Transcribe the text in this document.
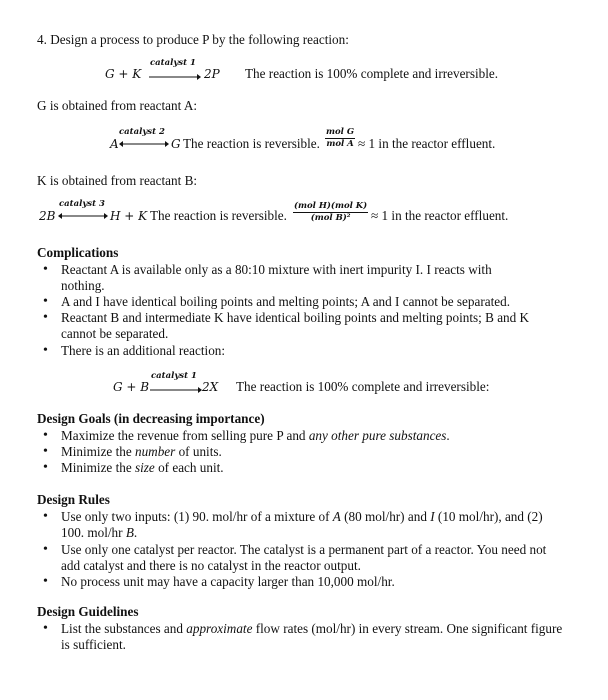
4. Design a process to produce P by the following reaction:
G + K
catalyst 1
2P The reaction is 100% complete and irreversible.
G is obtained from reactant A:
A
catalyst 2
G The reaction is reversible.
mol G
mol A ≈ 1 in the reactor effluent.
K is obtained from reactant B:
2B
catalyst 3
H + K The reaction is reversible.
(mol H)(mol K)
(mol B)²	≈ 1 in the reactor effluent.
Complications
• Reactant A is available only as a 80:10 mixture with inert impurity I. I reacts with nothing.
• A and I have identical boiling points and melting points; A and I cannot be separated.
• Reactant B and intermediate K have identical boiling points and melting points; B and K cannot be separated.
• There is an additional reaction:
G + B
catalyst 1
2X The reaction is 100% complete and irreversible:
Design Goals (in decreasing importance)
• Maximize the revenue from selling pure P and any other pure substances.
• Minimize the number of units.
• Minimize the size of each unit.
Design Rules
• Use only two inputs: (1) 90. mol/hr of a mixture of A (80 mol/hr) and I (10 mol/hr), and (2) 100. mol/hr B.
• Use only one catalyst per reactor. The catalyst is a permanent part of a reactor. You need not add catalyst and there is no catalyst in the reactor output.
• No process unit may have a capacity larger than 10,000 mol/hr.
Design Guidelines
• List the substances and approximate flow rates (mol/hr) in every stream. One significant figure is sufficient.
